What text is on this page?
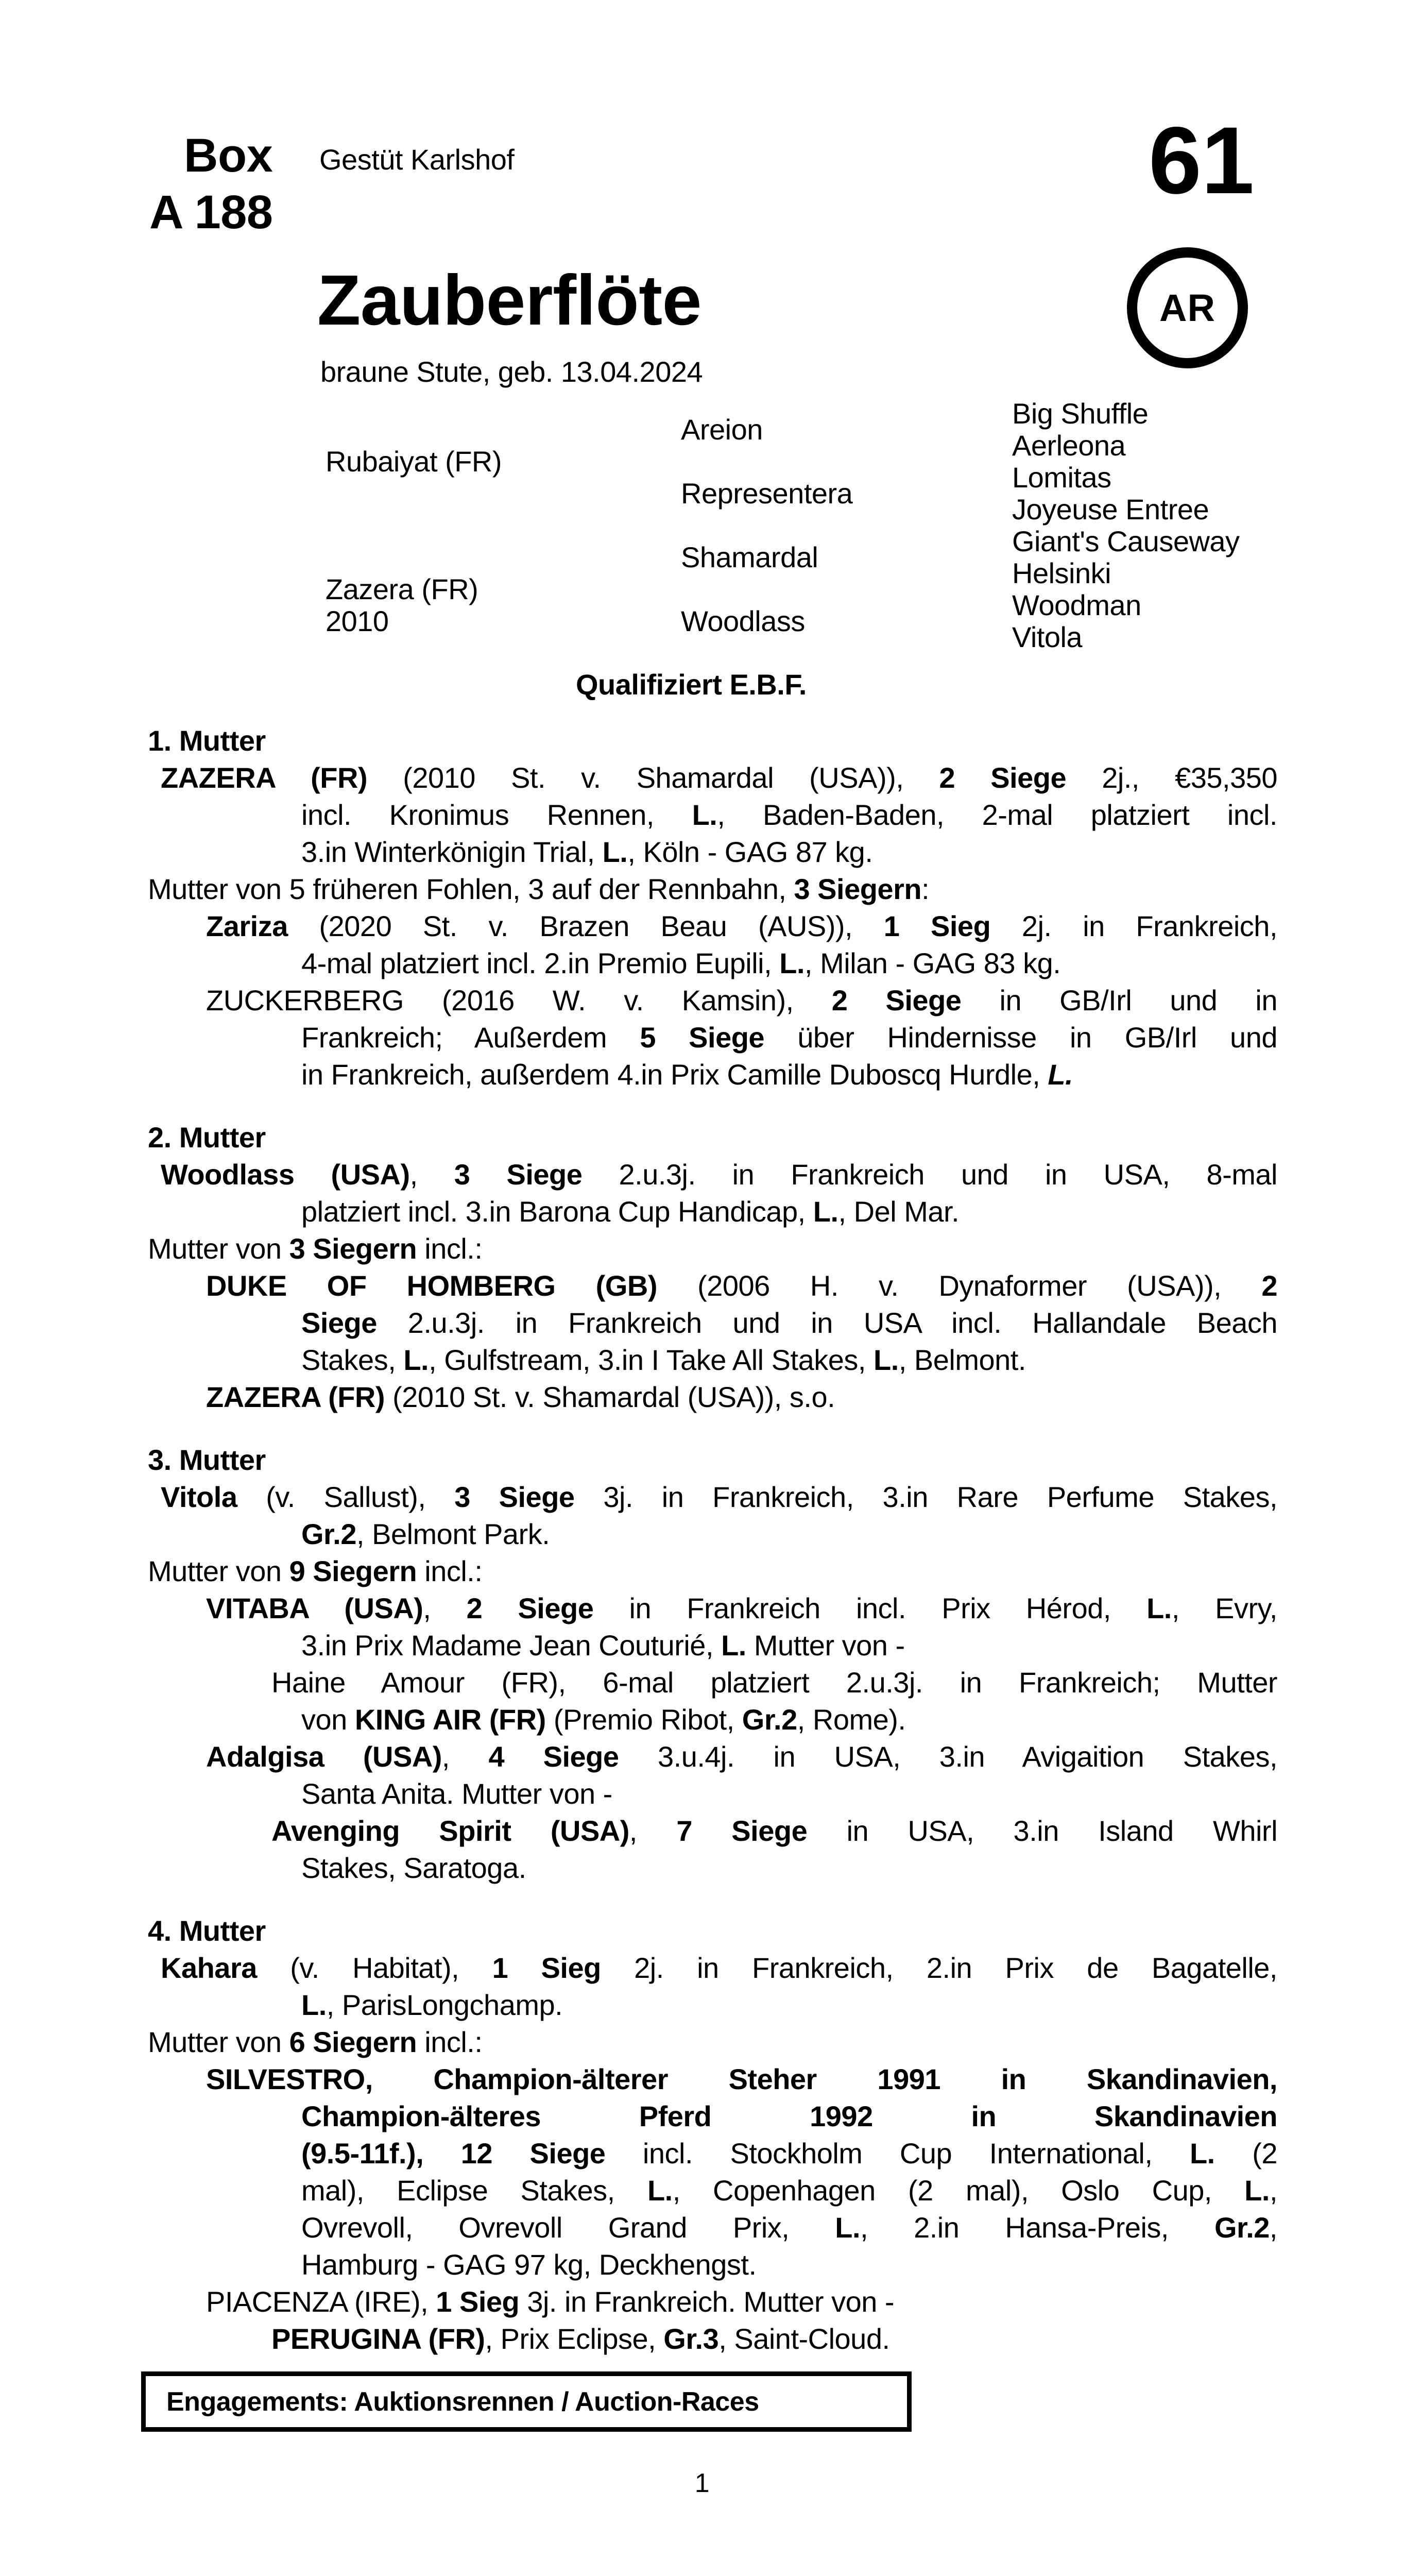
Box
A 188
Gestüt Karlshof	61
AR
Zauberflöte
braune Stute, geb. 13.04.2024
Rubaiyat (FR)
Zazera (FR)
2010
Areion
Representera
Shamardal
Woodlass
Big Shuffle
Aerleona
Lomitas
Joyeuse Entree
Giant's Causeway
Helsinki
Woodman
Vitola
Qualifiziert E.B.F.
1. Mutter
ZAZERA (FR) (2010 St. v. Shamardal (USA)), 2 Siege 2j., €35,350
incl. Kronimus Rennen, L., Baden-Baden, 2-mal platziert incl.
3.in Winterkönigin Trial, L., Köln - GAG 87 kg.
Mutter von 5 früheren Fohlen, 3 auf der Rennbahn, 3 Siegern:
Zariza (2020 St. v. Brazen Beau (AUS)), 1 Sieg 2j. in Frankreich,
4-mal platziert incl. 2.in Premio Eupili, L., Milan - GAG 83 kg.
ZUCKERBERG (2016 W. v. Kamsin), 2 Siege in GB/Irl und in
Frankreich; Außerdem 5 Siege über Hindernisse in GB/Irl und
in Frankreich, außerdem 4.in Prix Camille Duboscq Hurdle, L.
2. Mutter
Woodlass (USA), 3 Siege 2.u.3j. in Frankreich und in USA, 8-mal
platziert incl. 3.in Barona Cup Handicap, L., Del Mar.
Mutter von 3 Siegern incl.:
DUKE OF HOMBERG (GB) (2006 H. v. Dynaformer (USA)), 2
Siege 2.u.3j. in Frankreich und in USA incl. Hallandale Beach
Stakes, L., Gulfstream, 3.in I Take All Stakes, L., Belmont.
ZAZERA (FR) (2010 St. v. Shamardal (USA)), s.o.
3. Mutter
Vitola (v. Sallust), 3 Siege 3j. in Frankreich, 3.in Rare Perfume Stakes,
Gr.2, Belmont Park.
Mutter von 9 Siegern incl.:
VITABA (USA), 2 Siege in Frankreich incl. Prix Hérod, L., Evry,
3.in Prix Madame Jean Couturié, L. Mutter von -
Haine Amour (FR), 6-mal platziert 2.u.3j. in Frankreich; Mutter
von KING AIR (FR) (Premio Ribot, Gr.2, Rome).
Adalgisa (USA), 4 Siege 3.u.4j. in USA, 3.in Avigaition Stakes,
Santa Anita. Mutter von -
Avenging Spirit (USA), 7 Siege in USA, 3.in Island Whirl
Stakes, Saratoga.
4. Mutter
Kahara (v. Habitat), 1 Sieg 2j. in Frankreich, 2.in Prix de Bagatelle,
L., ParisLongchamp.
Mutter von 6 Siegern incl.:
SILVESTRO, Champion-älterer Steher 1991 in Skandinavien,
Champion-älteres Pferd 1992 in Skandinavien
(9.5-11f.), 12 Siege incl. Stockholm Cup International, L. (2
mal), Eclipse Stakes, L., Copenhagen (2 mal), Oslo Cup, L.,
Ovrevoll, Ovrevoll Grand Prix, L., 2.in Hansa-Preis, Gr.2,
Hamburg - GAG 97 kg, Deckhengst.
PIACENZA (IRE), 1 Sieg 3j. in Frankreich. Mutter von -
PERUGINA (FR), Prix Eclipse, Gr.3, Saint-Cloud.
Engagements: Auktionsrennen / Auction-Races
1
